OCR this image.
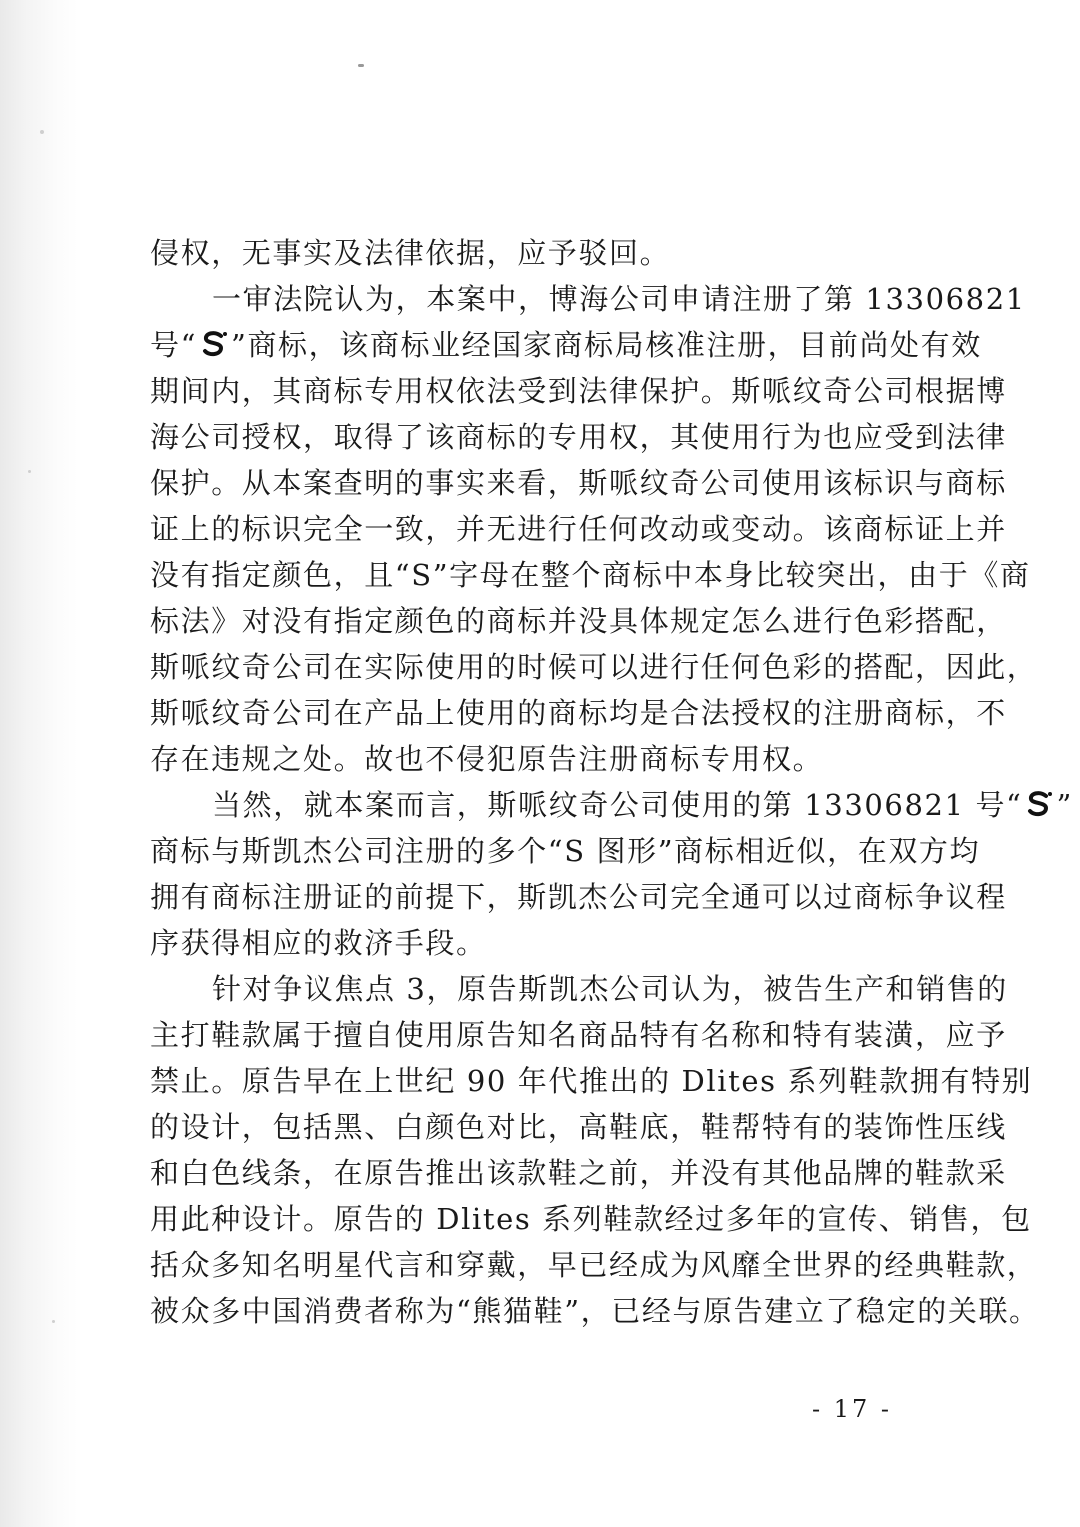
侵权，无事实及法律依据，应予驳回。
一审法院认为，本案中，博海公司申请注册了第 13306821
号“ ”商标，该商标业经国家商标局核准注册，目前尚处有效
期间内，其商标专用权依法受到法律保护。斯哌纹奇公司根据博
海公司授权，取得了该商标的专用权，其使用行为也应受到法律
保护。从本案查明的事实来看，斯哌纹奇公司使用该标识与商标
证上的标识完全一致，并无进行任何改动或变动。该商标证上并
没有指定颜色，且“S”字母在整个商标中本身比较突出，由于《商
标法》对没有指定颜色的商标并没具体规定怎么进行色彩搭配，
斯哌纹奇公司在实际使用的时候可以进行任何色彩的搭配，因此，
斯哌纹奇公司在产品上使用的商标均是合法授权的注册商标，不
存在违规之处。故也不侵犯原告注册商标专用权。
当然，就本案而言，斯哌纹奇公司使用的第 13306821 号“ ”
商标与斯凯杰公司注册的多个“S 图形”商标相近似，在双方均
拥有商标注册证的前提下，斯凯杰公司完全通可以过商标争议程
序获得相应的救济手段。
针对争议焦点 3，原告斯凯杰公司认为，被告生产和销售的
主打鞋款属于擅自使用原告知名商品特有名称和特有装潢，应予
禁止。原告早在上世纪 90 年代推出的 Dlites 系列鞋款拥有特别
的设计，包括黑、白颜色对比，高鞋底，鞋帮特有的装饰性压线
和白色线条，在原告推出该款鞋之前，并没有其他品牌的鞋款采
用此种设计。原告的 Dlites 系列鞋款经过多年的宣传、销售，包
括众多知名明星代言和穿戴，早已经成为风靡全世界的经典鞋款，
被众多中国消费者称为“熊猫鞋”，已经与原告建立了稳定的关联。
- 17 -
